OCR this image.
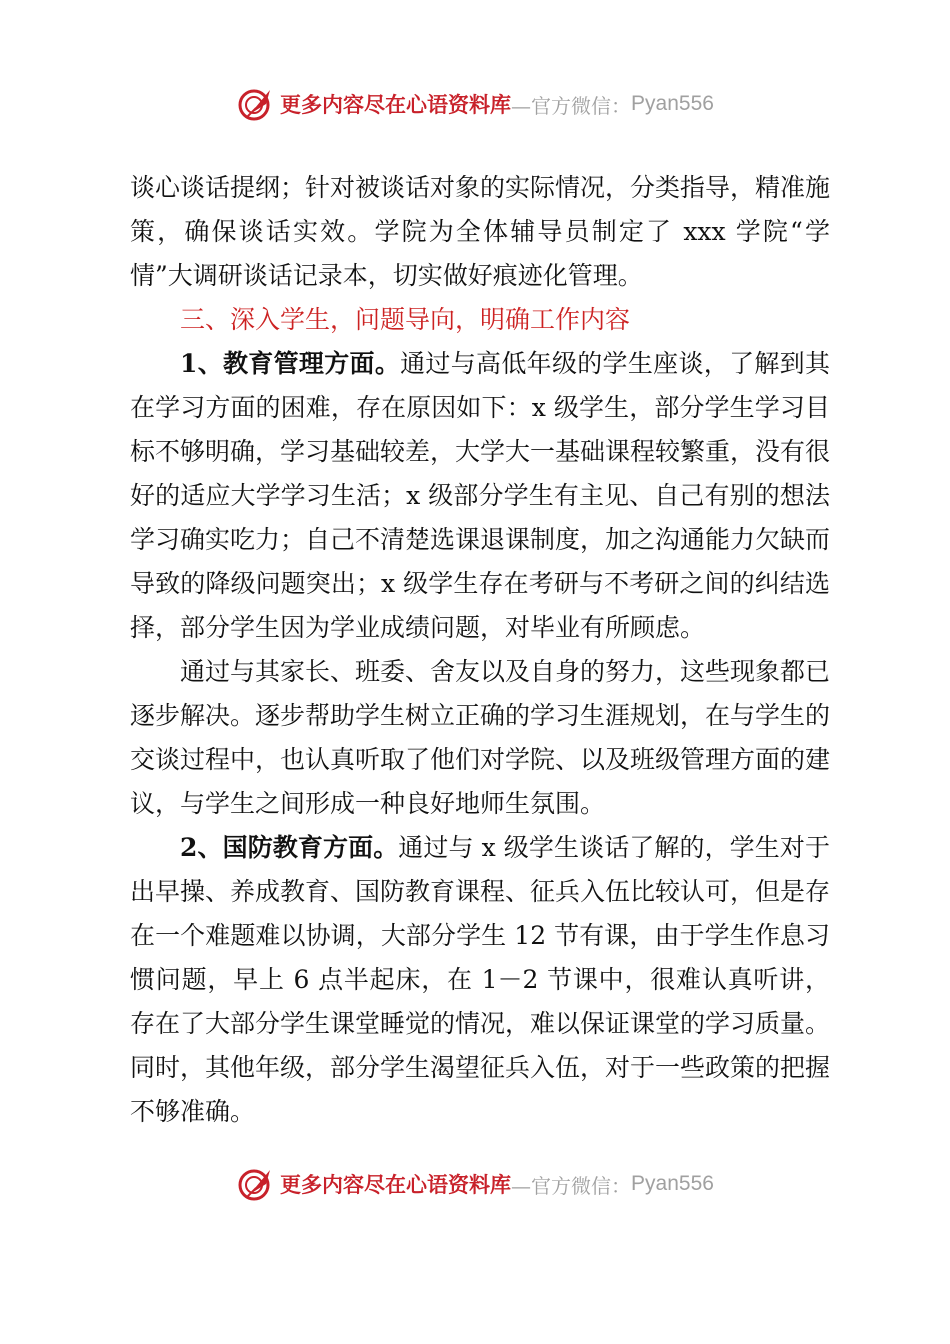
更多内容尽在心语资料库 —官方微信： Pyan556

谈心谈话提纲；针对被谈话对象的实际情况，分类指导，精准施策，确保谈话实效。学院为全体辅导员制定了 xxx 学院“学情”大调研谈话记录本，切实做好痕迹化管理。

三、深入学生，问题导向，明确工作内容

1、教育管理方面。通过与高低年级的学生座谈，了解到其在学习方面的困难，存在原因如下：x 级学生，部分学生学习目标不够明确，学习基础较差，大学大一基础课程较繁重，没有很好的适应大学学习生活；x 级部分学生有主见、自己有别的想法学习确实吃力；自己不清楚选课退课制度，加之沟通能力欠缺而导致的降级问题突出；x 级学生存在考研与不考研之间的纠结选择，部分学生因为学业成绩问题，对毕业有所顾虑。

通过与其家长、班委、舍友以及自身的努力，这些现象都已逐步解决。逐步帮助学生树立正确的学习生涯规划，在与学生的交谈过程中，也认真听取了他们对学院、以及班级管理方面的建议，与学生之间形成一种良好地师生氛围。

2、国防教育方面。通过与 x 级学生谈话了解的，学生对于出早操、养成教育、国防教育课程、征兵入伍比较认可，但是存在一个难题难以协调，大部分学生 12 节有课，由于学生作息习惯问题，早上 6 点半起床，在 1－2 节课中，很难认真听讲，存在了大部分学生课堂睡觉的情况，难以保证课堂的学习质量。同时，其他年级，部分学生渴望征兵入伍，对于一些政策的把握不够准确。

更多内容尽在心语资料库 —官方微信： Pyan556
